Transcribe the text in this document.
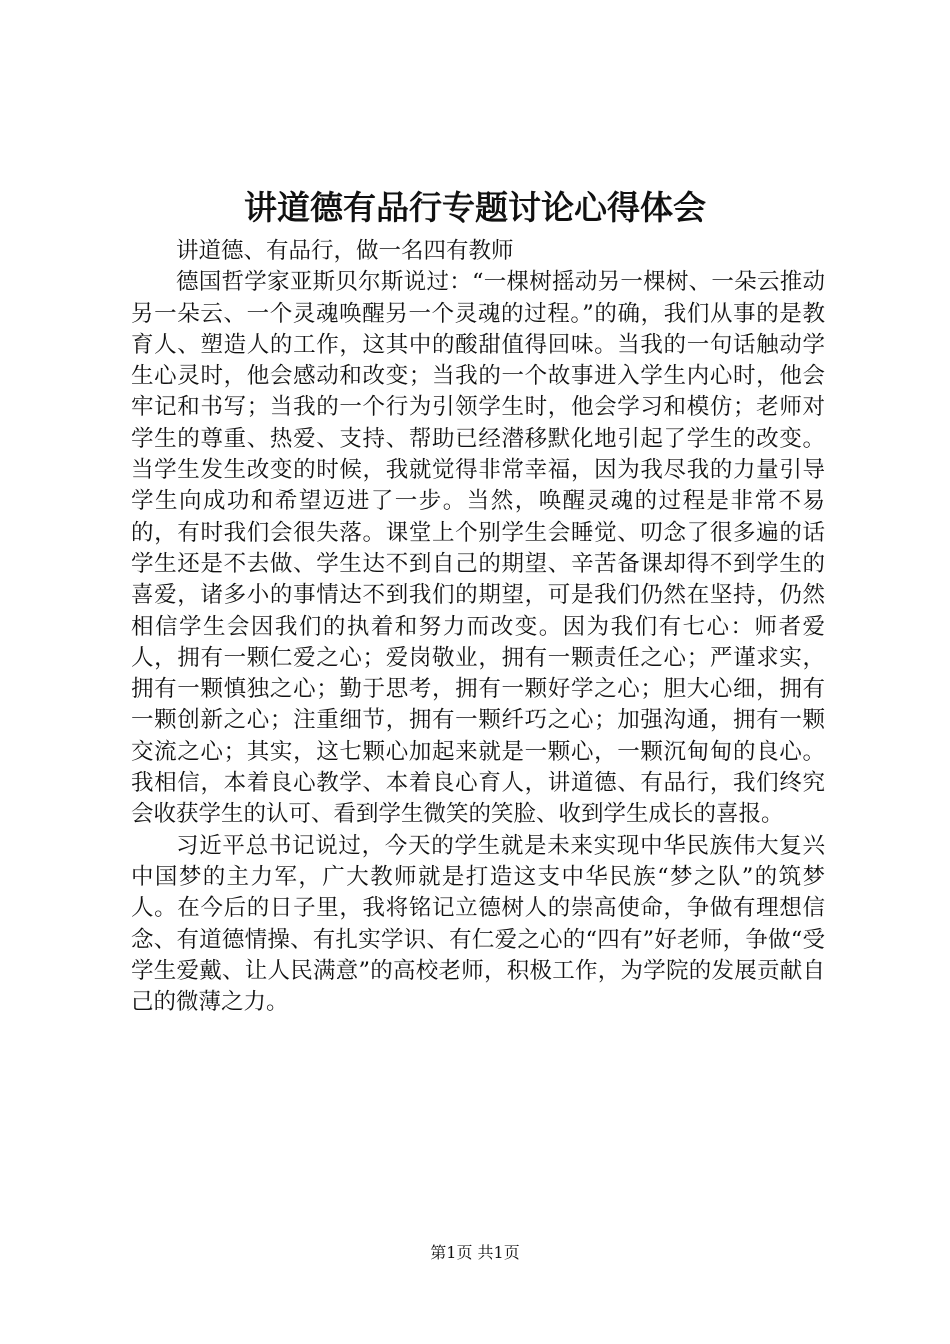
讲道德有品行专题讨论心得体会

讲道德、有品行，做一名四有教师

德国哲学家亚斯贝尔斯说过：“一棵树摇动另一棵树、一朵云推动另一朵云、一个灵魂唤醒另一个灵魂的过程。”的确，我们从事的是教育人、塑造人的工作，这其中的酸甜值得回味。当我的一句话触动学生心灵时，他会感动和改变；当我的一个故事进入学生内心时，他会牢记和书写；当我的一个行为引领学生时，他会学习和模仿；老师对学生的尊重、热爱、支持、帮助已经潜移默化地引起了学生的改变。当学生发生改变的时候，我就觉得非常幸福，因为我尽我的力量引导学生向成功和希望迈进了一步。当然，唤醒灵魂的过程是非常不易的，有时我们会很失落。课堂上个别学生会睡觉、叨念了很多遍的话学生还是不去做、学生达不到自己的期望、辛苦备课却得不到学生的喜爱，诸多小的事情达不到我们的期望，可是我们仍然在坚持，仍然相信学生会因我们的执着和努力而改变。因为我们有七心：师者爱人，拥有一颗仁爱之心；爱岗敬业，拥有一颗责任之心；严谨求实，拥有一颗慎独之心；勤于思考，拥有一颗好学之心；胆大心细，拥有一颗创新之心；注重细节，拥有一颗纤巧之心；加强沟通，拥有一颗交流之心；其实，这七颗心加起来就是一颗心，一颗沉甸甸的良心。我相信，本着良心教学、本着良心育人，讲道德、有品行，我们终究会收获学生的认可、看到学生微笑的笑脸、收到学生成长的喜报。

习近平总书记说过，今天的学生就是未来实现中华民族伟大复兴中国梦的主力军，广大教师就是打造这支中华民族“梦之队”的筑梦人。在今后的日子里，我将铭记立德树人的崇高使命，争做有理想信念、有道德情操、有扎实学识、有仁爱之心的“四有”好老师，争做“受学生爱戴、让人民满意”的高校老师，积极工作，为学院的发展贡献自己的微薄之力。

第1页 共1页
